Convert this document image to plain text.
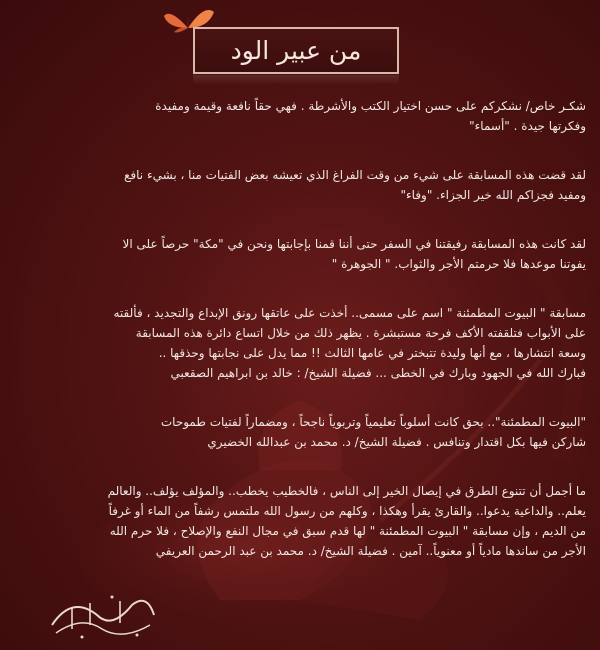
من عبير الود

شكـر خاص/ نشكركم على حسن اختيار الكتب والأشرطة . فهي حقاً نافعة وقيمة ومفيدة

وفكرتها جيدة . "أسماء"

لقد قضت هذه المسابقة على شيء من وقت الفراغ الذي تعيشه بعض الفتيات منا ، بشيء نافع

ومفيد فجزاكم الله خير الجزاء. "وفاء"

لقد كانت هذه المسابقة رفيقتنا في السفر حتى أننا قمنا بإجابتها ونحن في "مكة" حرصاً على الا

يفوتنا موعدها فلا حرمتم الأجر والثواب. " الجوهرة "

مسابقة " البيوت المطمئنة " اسم على مسمى.. أخذت على عاتقها رونق الإبداع والتجديد ، فألقته

على الأبواب فتلقفته الأكف فرحة مستبشرة . يظهر ذلك من خلال اتساع دائرة هذه المسابقة

وسعة انتشارها ، مع أنها وليدة تتبختر في عامها الثالث !! مما يدل على نجابتها وحذقها ..

فبارك الله في الجهود وبارك في الخطى ... فضيلة الشيخ/ : خالد بن ابراهيم الصقعبي

"البيوت المطمئنة".. بحق كانت أسلوباً تعليمياً وتربوياً ناجحاً ، ومضماراً لفتيات طموحات

شاركن فيها بكل اقتدار وتنافس . فضيلة الشيخ/ د. محمد بن عبدالله الخضيري

ما أجمل أن تتنوع الطرق في إيصال الخير إلى الناس ، فالخطيب يخطب.. والمؤلف يؤلف.. والعالم

يعلم.. والداعية يدعوا.. والقارئ يقرأ وهكذا ، وكلهم من رسول الله ملتمس رشفاً من الماء أو غرفاً

من الديم ، وإن مسابقة " البيوت المطمئنة " لها قدم سبق في مجال النفع والإصلاح ، فلا حرم الله

الأجر من ساندها مادياً أو معنوياً.. آمين . فضيلة الشيخ/ د. محمد بن عبد الرحمن العريفي
